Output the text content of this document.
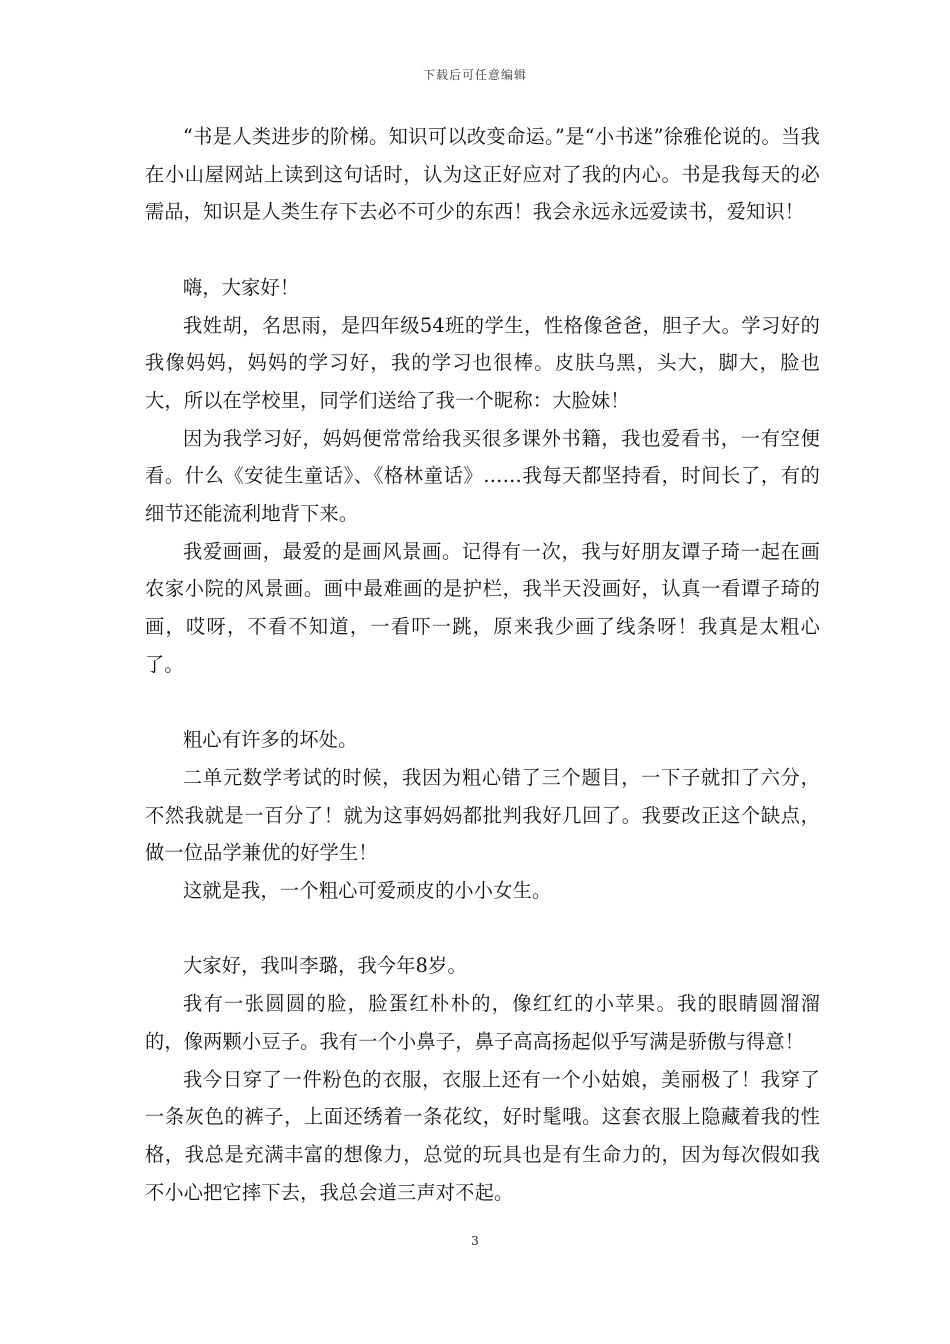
下载后可任意编辑

“书是人类进步的阶梯。知识可以改变命运。”是“小书迷”徐雅伦说的。当我在小山屋网站上读到这句话时，认为这正好应对了我的内心。书是我每天的必需品，知识是人类生存下去必不可少的东西！我会永远永远爱读书，爱知识！

嗨，大家好！

我姓胡，名思雨，是四年级54班的学生，性格像爸爸，胆子大。学习好的我像妈妈，妈妈的学习好，我的学习也很棒。皮肤乌黑，头大，脚大，脸也大，所以在学校里，同学们送给了我一个昵称：大脸妹！

因为我学习好，妈妈便常常给我买很多课外书籍，我也爱看书，一有空便看。什么《安徒生童话》、《格林童话》……我每天都坚持看，时间长了，有的细节还能流利地背下来。

我爱画画，最爱的是画风景画。记得有一次，我与好朋友谭子琦一起在画农家小院的风景画。画中最难画的是护栏，我半天没画好，认真一看谭子琦的画，哎呀，不看不知道，一看吓一跳，原来我少画了线条呀！我真是太粗心了。

粗心有许多的坏处。

二单元数学考试的时候，我因为粗心错了三个题目，一下子就扣了六分，不然我就是一百分了！就为这事妈妈都批判我好几回了。我要改正这个缺点，做一位品学兼优的好学生！

这就是我，一个粗心可爱顽皮的小小女生。

大家好，我叫李璐，我今年8岁。

我有一张圆圆的脸，脸蛋红朴朴的，像红红的小苹果。我的眼睛圆溜溜的，像两颗小豆子。我有一个小鼻子，鼻子高高扬起似乎写满是骄傲与得意！

我今日穿了一件粉色的衣服，衣服上还有一个小姑娘，美丽极了！我穿了一条灰色的裤子，上面还绣着一条花纹，好时髦哦。这套衣服上隐藏着我的性格，我总是充满丰富的想像力，总觉的玩具也是有生命力的，因为每次假如我不小心把它摔下去，我总会道三声对不起。

3
